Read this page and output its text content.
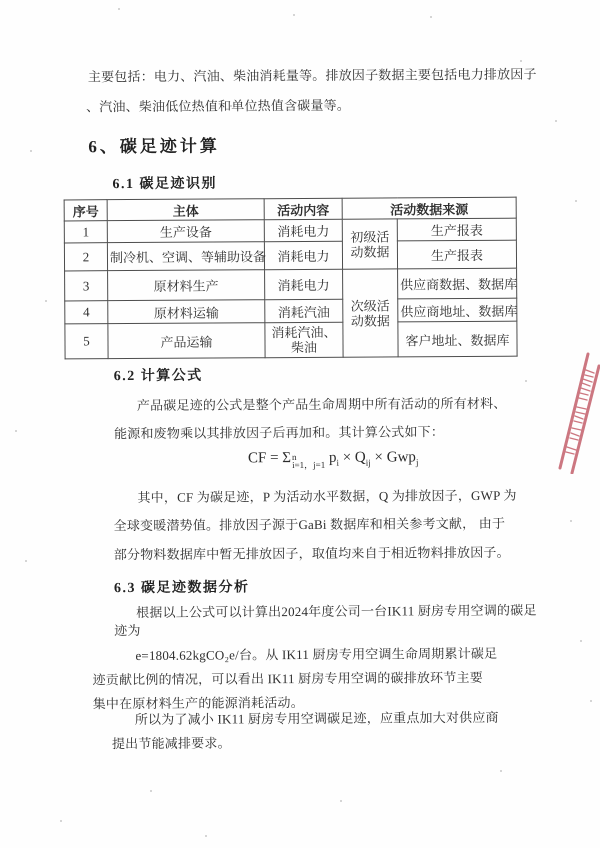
主要包括：电力、汽油、柴油消耗量等。排放因子数据主要包括电力排放因子
、汽油、柴油低位热值和单位热值含碳量等。
6、碳足迹计算
6.1 碳足迹识别
序号	主体	活动内容	活动数据来源	
1	生产设备	消耗电力	初级活动数据	生产报表
2	制冷机、空调、等辅助设备	消耗电力		生产报表
3	原材料生产	消耗电力	次级活动数据	供应商数据、数据库
4	原材料运输	消耗汽油		供应商地址、数据库
5	产品运输	消耗汽油、柴油		客户地址、数据库
6.2 计算公式
产品碳足迹的公式是整个产品生命周期中所有活动的所有材料、
能源和废物乘以其排放因子后再加和。其计算公式如下：
CF = Σ n
i=1，j=1 $p_i \times Q_{ij} \times Gwp_j$
其中，CF 为碳足迹，P 为活动水平数据，Q 为排放因子，GWP 为
全球变暖潜势值。排放因子源于GaBi 数据库和相关参考文献， 由于
部分物料数据库中暂无排放因子，取值均来自于相近物料排放因子。
6.3 碳足迹数据分析
根据以上公式可以计算出2024年度公司一台IK11 厨房专用空调的碳足
迹为
e=1804.62kgCO₂e/台。从 IK11 厨房专用空调生命周期累计碳足
迹贡献比例的情况，可以看出 IK11 厨房专用空调的碳排放环节主要
集中在原材料生产的能源消耗活动。
所以为了减小 IK11 厨房专用空调碳足迹，应重点加大对供应商
提出节能减排要求。
